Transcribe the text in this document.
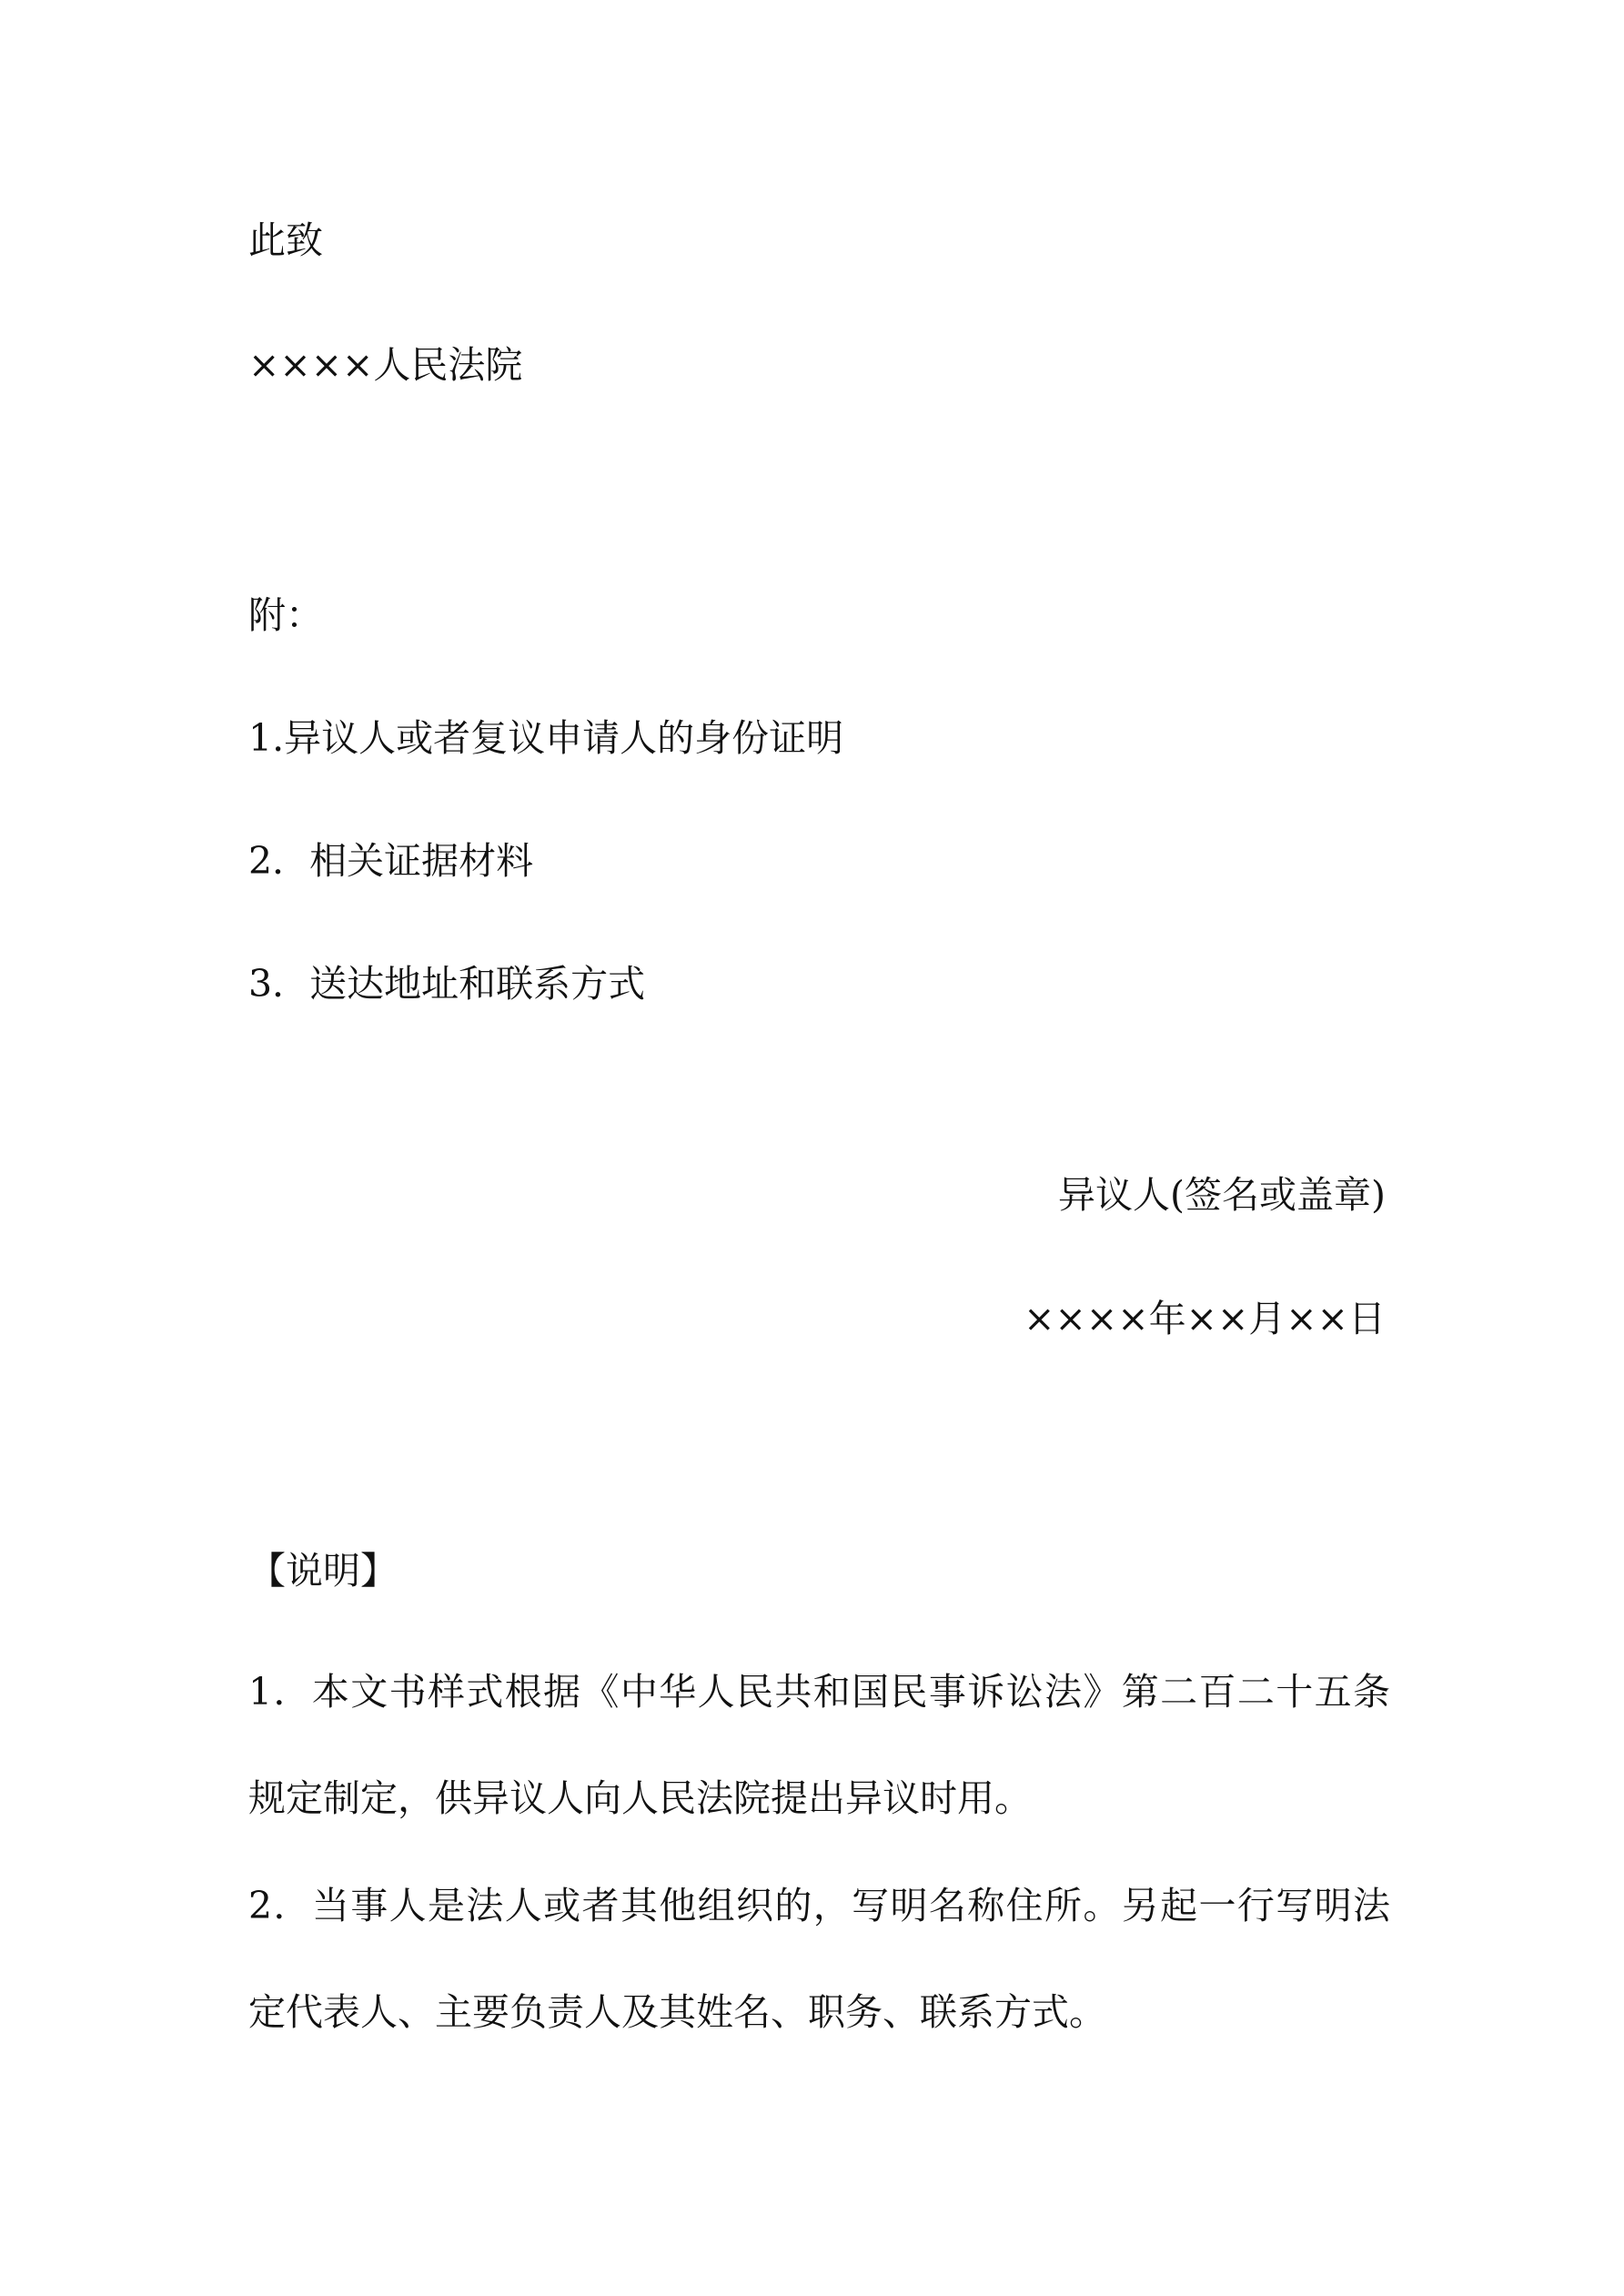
此致

××××人民法院

附：

1.异议人或者复议申请人的身份证明

2．相关证据材料

3．送达地址和联系方式

异议人(签名或盖章)

××××年××月××日

【说明】

1．本文书样式根据《中华人民共和国民事诉讼法》第二百二十五条规定制定，供异议人向人民法院提出异议时用。

2．当事人是法人或者其他组织的，写明名称住所。另起一行写明法定代表人、主要负责人及其姓名、职务、联系方式。
